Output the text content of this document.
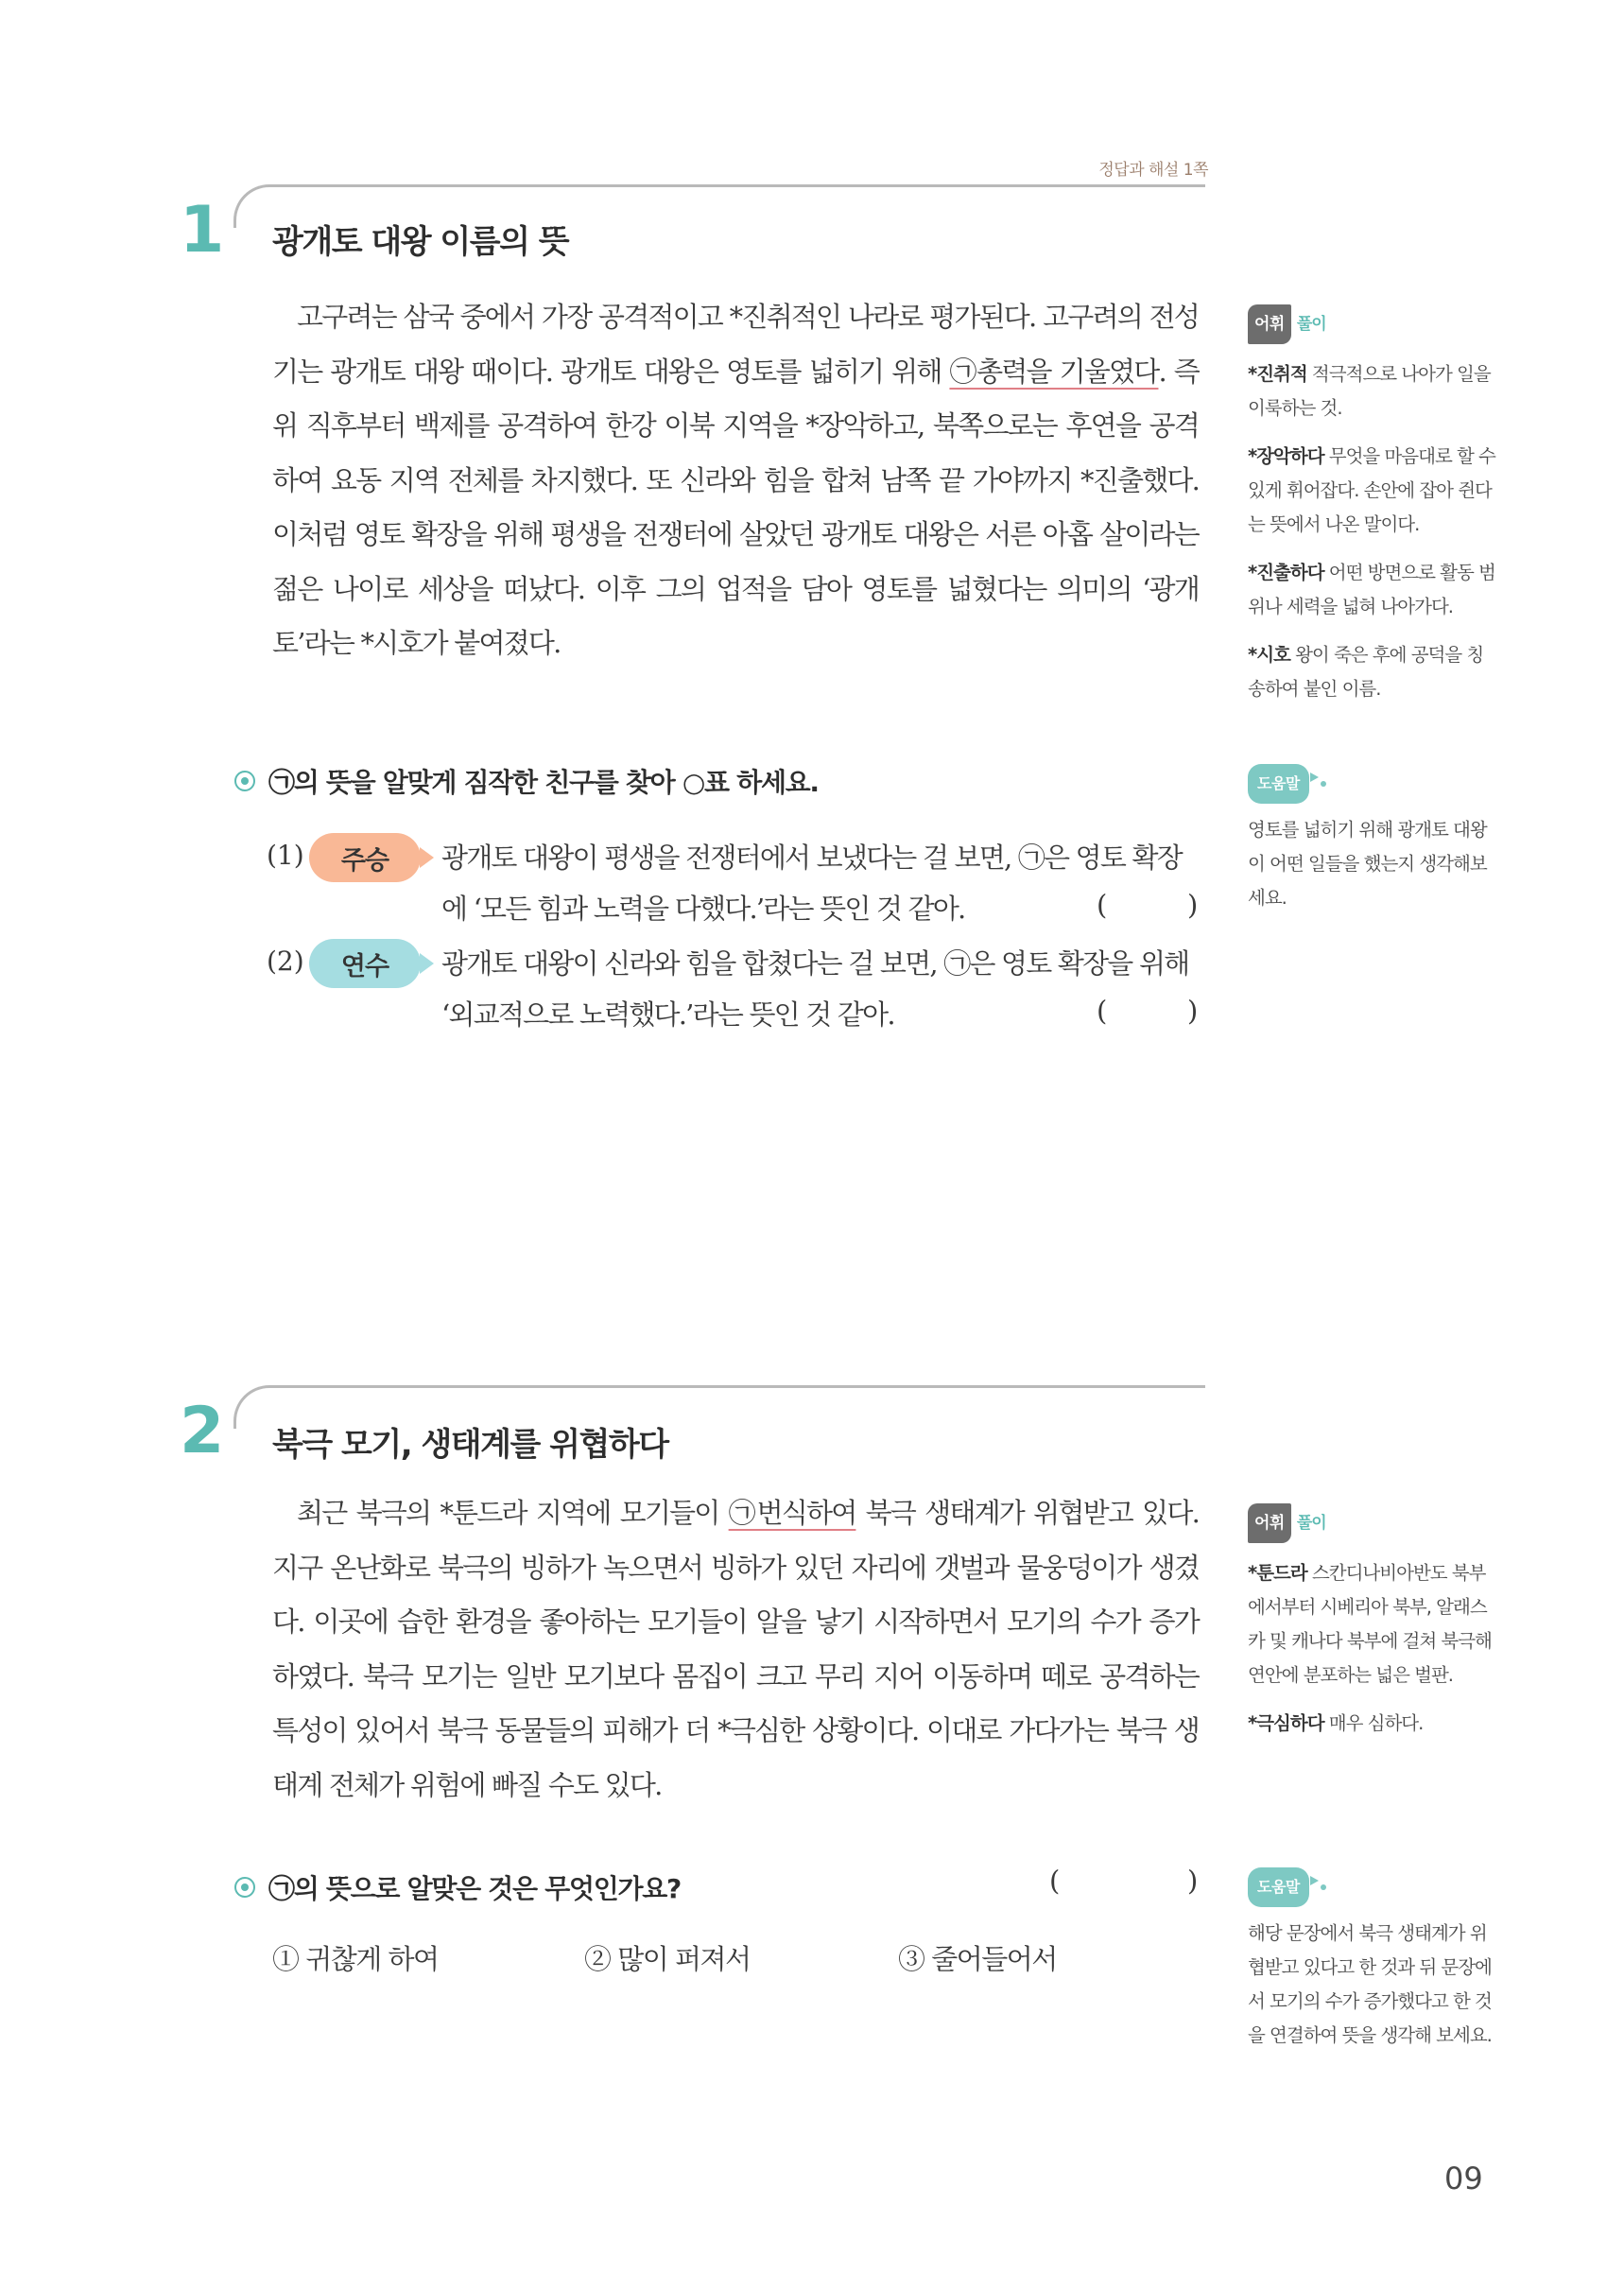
정답과 해설 1쪽
1 광개토 대왕 이름의 뜻

고구려는 삼국 중에서 가장 공격적이고 *진취적인 나라로 평가된다. 고구려의 전성기는 광개토 대왕 때이다. 광개토 대왕은 영토를 넓히기 위해 ㉠총력을 기울였다. 즉위 직후부터 백제를 공격하여 한강 이북 지역을 *장악하고, 북쪽으로는 후연을 공격하여 요동 지역 전체를 차지했다. 또 신라와 힘을 합쳐 남쪽 끝 가야까지 *진출했다. 이처럼 영토 확장을 위해 평생을 전쟁터에 살았던 광개토 대왕은 서른 아홉 살이라는 젊은 나이로 세상을 떠났다. 이후 그의 업적을 담아 영토를 넓혔다는 의미의 ‘광개토’라는 *시호가 붙여졌다.

㉠의 뜻을 알맞게 짐작한 친구를 찾아 ○표 하세요.
(1)	주승	광개토 대왕이 평생을 전쟁터에서 보냈다는 걸 보면, ㉠은 영토 확장에 ‘모든 힘과 노력을 다했다.’라는 뜻인 것 같아.	(	)
(2)	연수	광개토 대왕이 신라와 힘을 합쳤다는 걸 보면, ㉠은 영토 확장을 위해 ‘외교적으로 노력했다.’라는 뜻인 것 같아.	(	)
어휘 풀이

*진취적 적극적으로 나아가 일을 이룩하는 것.

*장악하다 무엇을 마음대로 할 수 있게 휘어잡다. 손안에 잡아 쥔다는 뜻에서 나온 말이다.

*진출하다 어떤 방면으로 활동 범위나 세력을 넓혀 나아가다.

*시호 왕이 죽은 후에 공덕을 칭송하여 붙인 이름.

도움말
영토를 넓히기 위해 광개토 대왕이 어떤 일들을 했는지 생각해보세요.
2 북극 모기, 생태계를 위협하다

최근 북극의 *툰드라 지역에 모기들이 ㉠번식하여 북극 생태계가 위협받고 있다. 지구 온난화로 북극의 빙하가 녹으면서 빙하가 있던 자리에 갯벌과 물웅덩이가 생겼다. 이곳에 습한 환경을 좋아하는 모기들이 알을 낳기 시작하면서 모기의 수가 증가하였다. 북극 모기는 일반 모기보다 몸집이 크고 무리 지어 이동하며 떼로 공격하는 특성이 있어서 북극 동물들의 피해가 더 *극심한 상황이다. 이대로 가다가는 북극 생태계 전체가 위험에 빠질 수도 있다.

㉠의 뜻으로 알맞은 것은 무엇인가요?	(	)
① 귀찮게 하여	② 많이 퍼져서	③ 줄어들어서
어휘 풀이

*툰드라 스칸디나비아반도 북부에서부터 시베리아 북부, 알래스카 및 캐나다 북부에 걸쳐 북극해 연안에 분포하는 넓은 벌판.

*극심하다 매우 심하다.

도움말
해당 문장에서 북극 생태계가 위협받고 있다고 한 것과 뒤 문장에서 모기의 수가 증가했다고 한 것을 연결하여 뜻을 생각해 보세요.
09
